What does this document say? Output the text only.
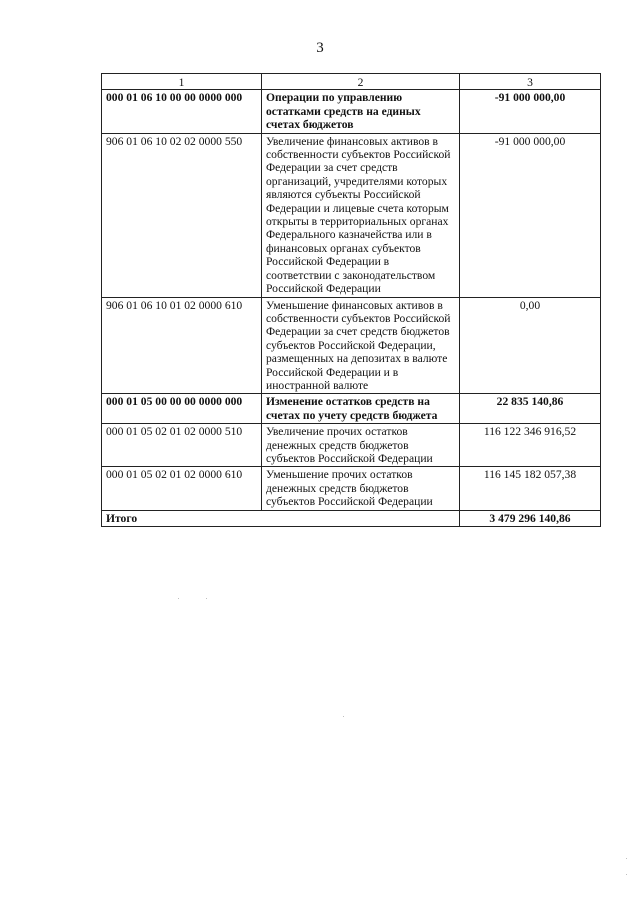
3
1	2	3
000 01 06 10 00 00 0000 000	Операции по управлению остатками средств на единых счетах бюджетов	-91 000 000,00
906 01 06 10 02 02 0000 550	Увеличение финансовых активов в собственности субъектов Российской Федерации за счет средств организаций, учредителями которых являются субъекты Российской Федерации и лицевые счета которым открыты в территориальных органах Федерального казначейства или в финансовых органах субъектов Российской Федерации в соответствии с законодательством Российской Федерации	-91 000 000,00
906 01 06 10 01 02 0000 610	Уменьшение финансовых активов в собственности субъектов Российской Федерации за счет средств бюджетов субъектов Российской Федерации, размещенных на депозитах в валюте Российской Федерации и в иностранной валюте	0,00
000 01 05 00 00 00 0000 000	Изменение остатков средств на счетах по учету средств бюджета	22 835 140,86
000 01 05 02 01 02 0000 510	Увеличение прочих остатков денежных средств бюджетов субъектов Российской Федерации	116 122 346 916,52
000 01 05 02 01 02 0000 610	Уменьшение прочих остатков денежных средств бюджетов субъектов Российской Федерации	116 145 182 057,38
Итого		3 479 296 140,86
